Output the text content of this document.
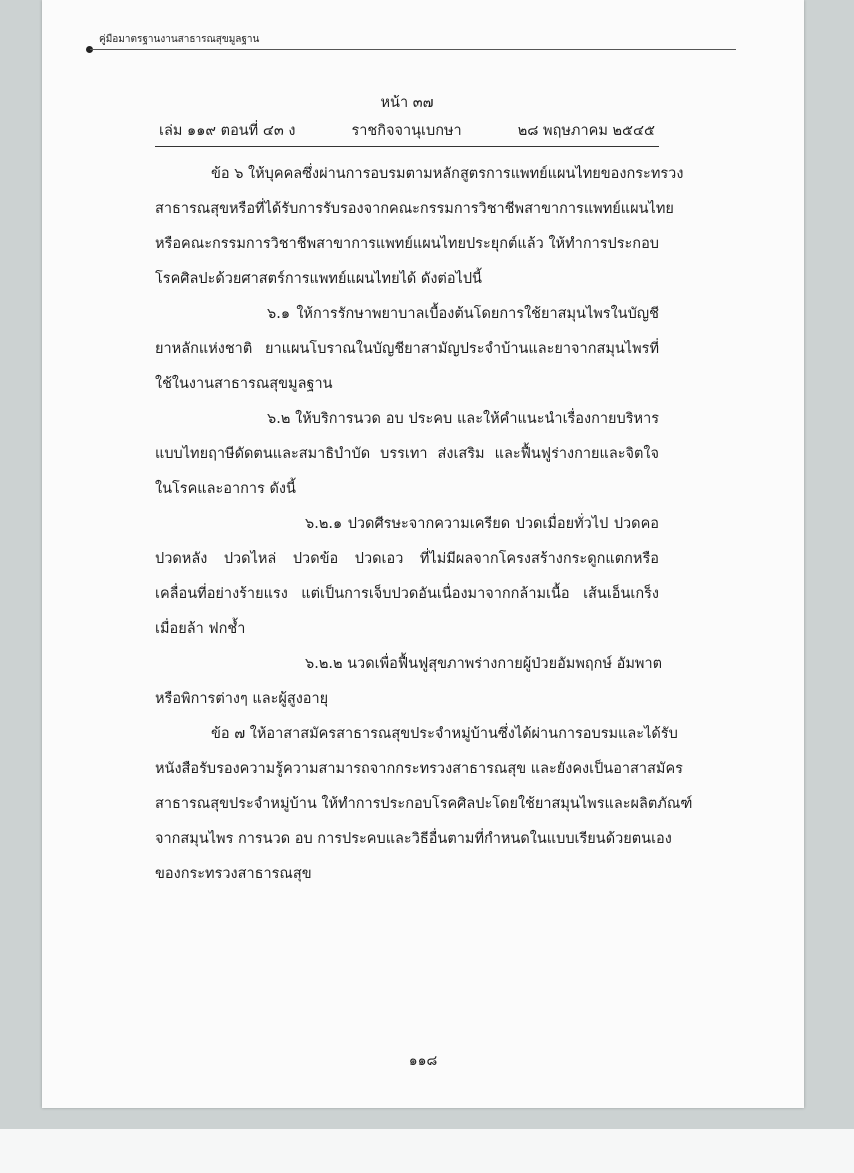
คู่มือมาตรฐานงานสาธารณสุขมูลฐาน
หน้า ๓๗
เล่ม ๑๑๙ ตอนที่ ๔๓ ง	ราชกิจจานุเบกษา	๒๘ พฤษภาคม ๒๕๔๕
ข้อ ๖ ให้บุคคลซึ่งผ่านการอบรมตามหลักสูตรการแพทย์แผนไทยของกระทรวง
สาธารณสุขหรือที่ได้รับการรับรองจากคณะกรรมการวิชาชีพสาขาการแพทย์แผนไทย
หรือคณะกรรมการวิชาชีพสาขาการแพทย์แผนไทยประยุกต์แล้ว ให้ทำการประกอบ
โรคศิลปะด้วยศาสตร์การแพทย์แผนไทยได้ ดังต่อไปนี้
๖.๑ ให้การรักษาพยาบาลเบื้องต้นโดยการใช้ยาสมุนไพรในบัญชี
ยาหลักแห่งชาติ ยาแผนโบราณในบัญชียาสามัญประจำบ้านและยาจากสมุนไพรที่
ใช้ในงานสาธารณสุขมูลฐาน
๖.๒ ให้บริการนวด อบ ประคบ และให้คำแนะนำเรื่องกายบริหาร
แบบไทยฤาษีดัดตนและสมาธิบำบัด บรรเทา ส่งเสริม และฟื้นฟูร่างกายและจิตใจ
ในโรคและอาการ ดังนี้
๖.๒.๑ ปวดศีรษะจากความเครียด ปวดเมื่อยทั่วไป ปวดคอ
ปวดหลัง ปวดไหล่ ปวดข้อ ปวดเอว ที่ไม่มีผลจากโครงสร้างกระดูกแตกหรือ
เคลื่อนที่อย่างร้ายแรง แต่เป็นการเจ็บปวดอันเนื่องมาจากกล้ามเนื้อ เส้นเอ็นเกร็ง
เมื่อยล้า ฟกช้ำ
๖.๒.๒ นวดเพื่อฟื้นฟูสุขภาพร่างกายผู้ป่วยอัมพฤกษ์ อัมพาต
หรือพิการต่างๆ และผู้สูงอายุ
ข้อ ๗ ให้อาสาสมัครสาธารณสุขประจำหมู่บ้านซึ่งได้ผ่านการอบรมและได้รับ
หนังสือรับรองความรู้ความสามารถจากกระทรวงสาธารณสุข และยังคงเป็นอาสาสมัคร
สาธารณสุขประจำหมู่บ้าน ให้ทำการประกอบโรคศิลปะโดยใช้ยาสมุนไพรและผลิตภัณฑ์
จากสมุนไพร การนวด อบ การประคบและวิธีอื่นตามที่กำหนดในแบบเรียนด้วยตนเอง
ของกระทรวงสาธารณสุข
๑๑๘
